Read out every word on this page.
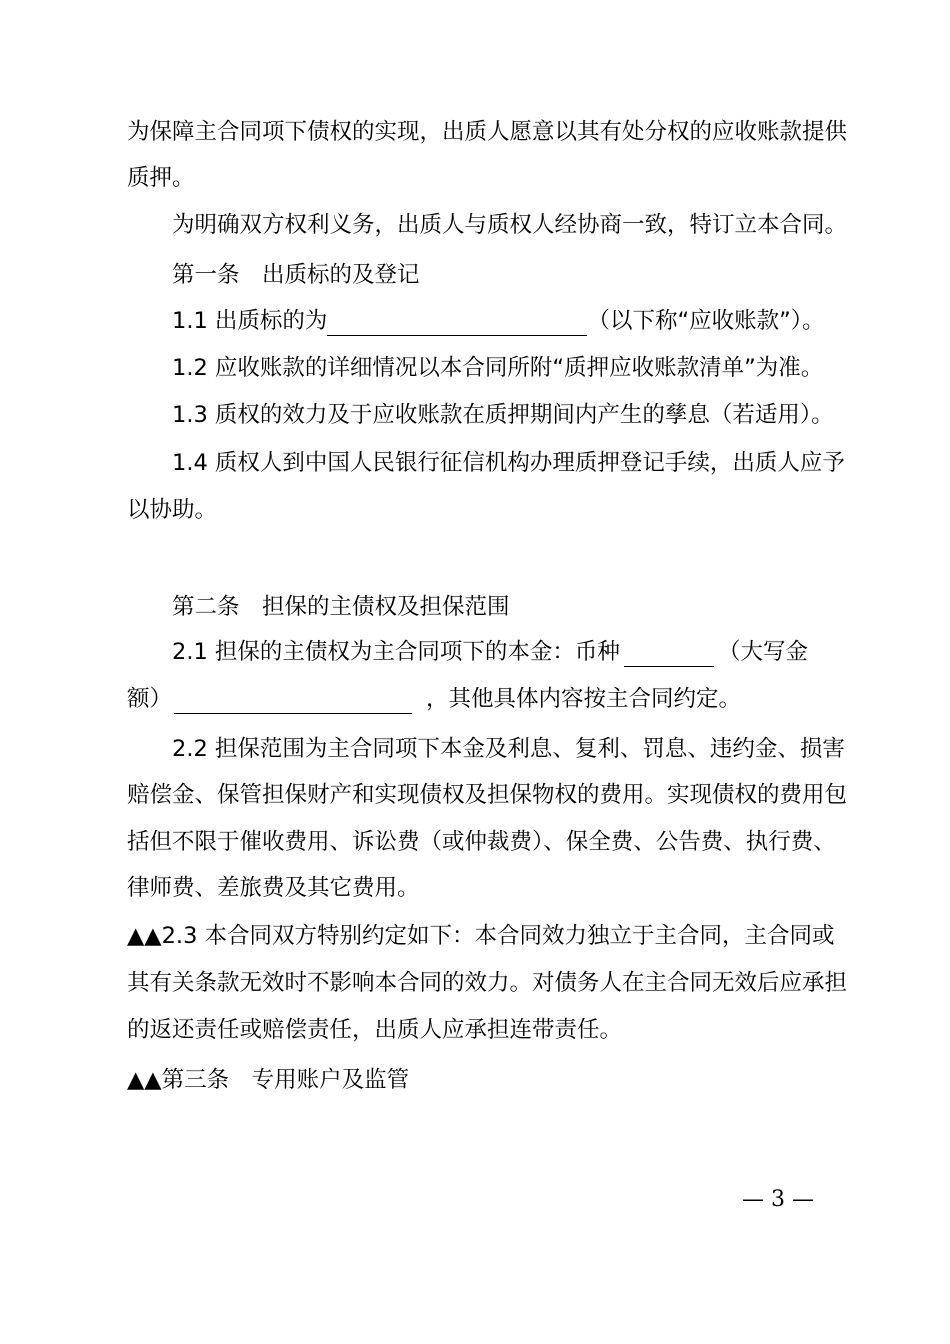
为保障主合同项下债权的实现，出质人愿意以其有处分权的应收账款提供
质押。
为明确双方权利义务，出质人与质权人经协商一致，特订立本合同。
第一条　出质标的及登记
1.1 出质标的为	（以下称“应收账款”）。
1.2 应收账款的详细情况以本合同所附“质押应收账款清单”为准。
1.3 质权的效力及于应收账款在质押期间内产生的孳息（若适用）。
1.4 质权人到中国人民银行征信机构办理质押登记手续，出质人应予
以协助。
第二条　担保的主债权及担保范围
2.1 担保的主债权为主合同项下的本金：币种	（大写金
额）	，其他具体内容按主合同约定。
2.2 担保范围为主合同项下本金及利息、复利、罚息、违约金、损害
赔偿金、保管担保财产和实现债权及担保物权的费用。实现债权的费用包
括但不限于催收费用、诉讼费（或仲裁费）、保全费、公告费、执行费、
律师费、差旅费及其它费用。
▲▲2.3 本合同双方特别约定如下：本合同效力独立于主合同，主合同或
其有关条款无效时不影响本合同的效力。对债务人在主合同无效后应承担
的返还责任或赔偿责任，出质人应承担连带责任。
▲▲第三条　专用账户及监管
— 3 —
